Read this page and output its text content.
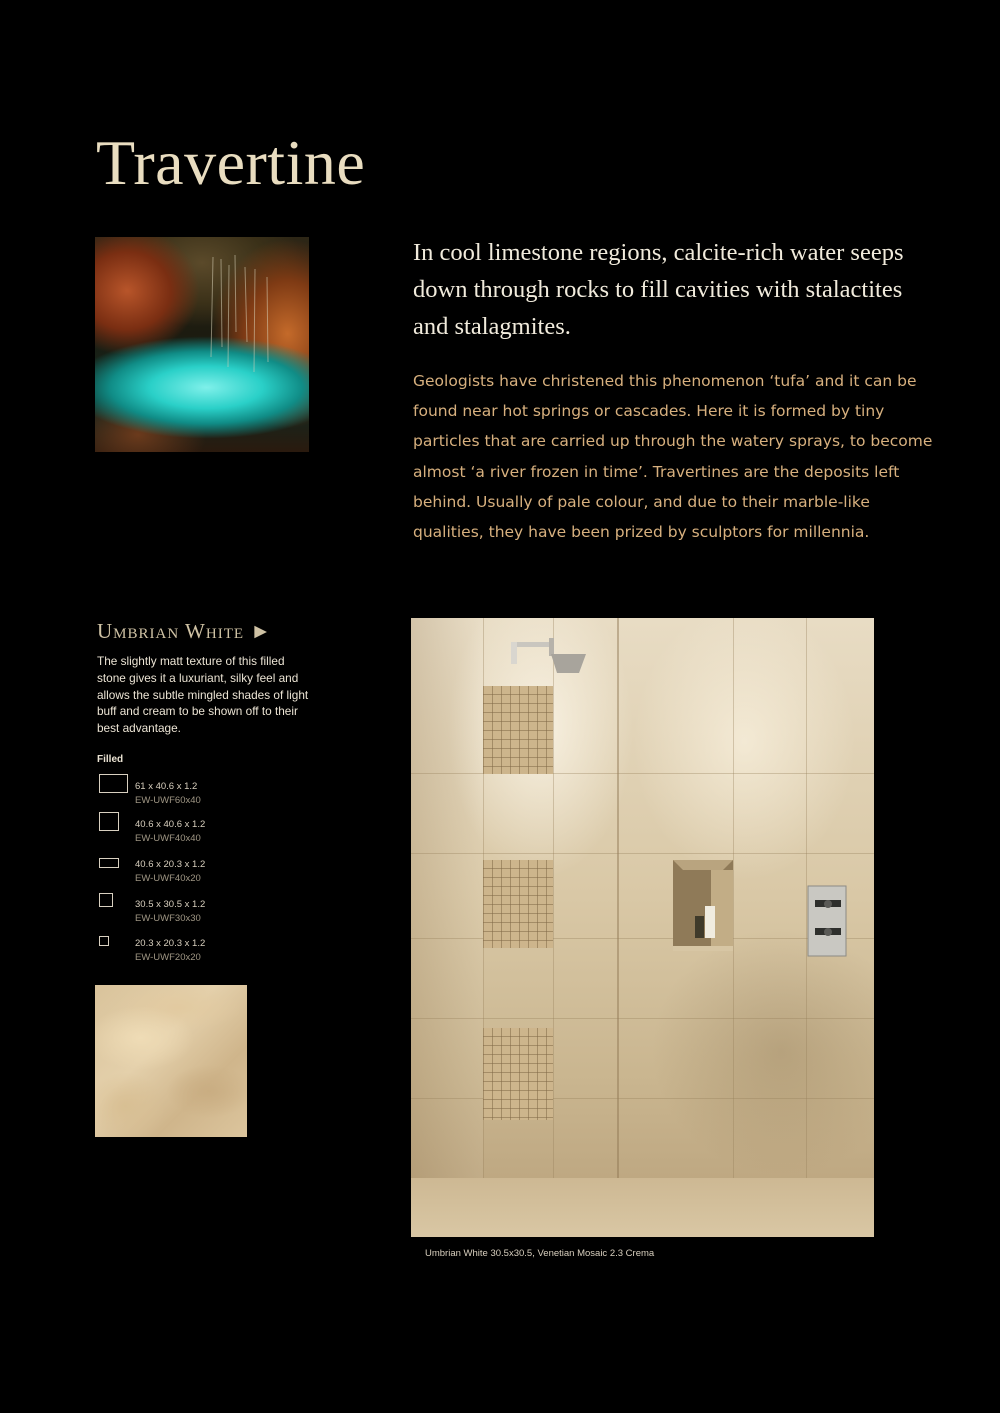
Travertine
In cool limestone regions, calcite-rich water seeps down through rocks to fill cavities with stalactites and stalagmites.
Geologists have christened this phenomenon ‘tufa’ and it can be found near hot springs or cascades. Here it is formed by tiny particles that are carried up through the watery sprays, to become almost ‘a river frozen in time’. Travertines are the deposits left behind. Usually of pale colour, and due to their marble-like qualities, they have been prized by sculptors for millennia.
Umbrian White ►
The slightly matt texture of this filled stone gives it a luxuriant, silky feel and allows the subtle mingled shades of light buff and cream to be shown off to their best advantage.
Filled
61 x 40.6 x 1.2
EW-UWF60x40
40.6 x 40.6 x 1.2
EW-UWF40x40
40.6 x 20.3 x 1.2
EW-UWF40x20
30.5 x 30.5 x 1.2
EW-UWF30x30
20.3 x 20.3 x 1.2
EW-UWF20x20
Umbrian White 30.5x30.5, Venetian Mosaic 2.3 Crema
